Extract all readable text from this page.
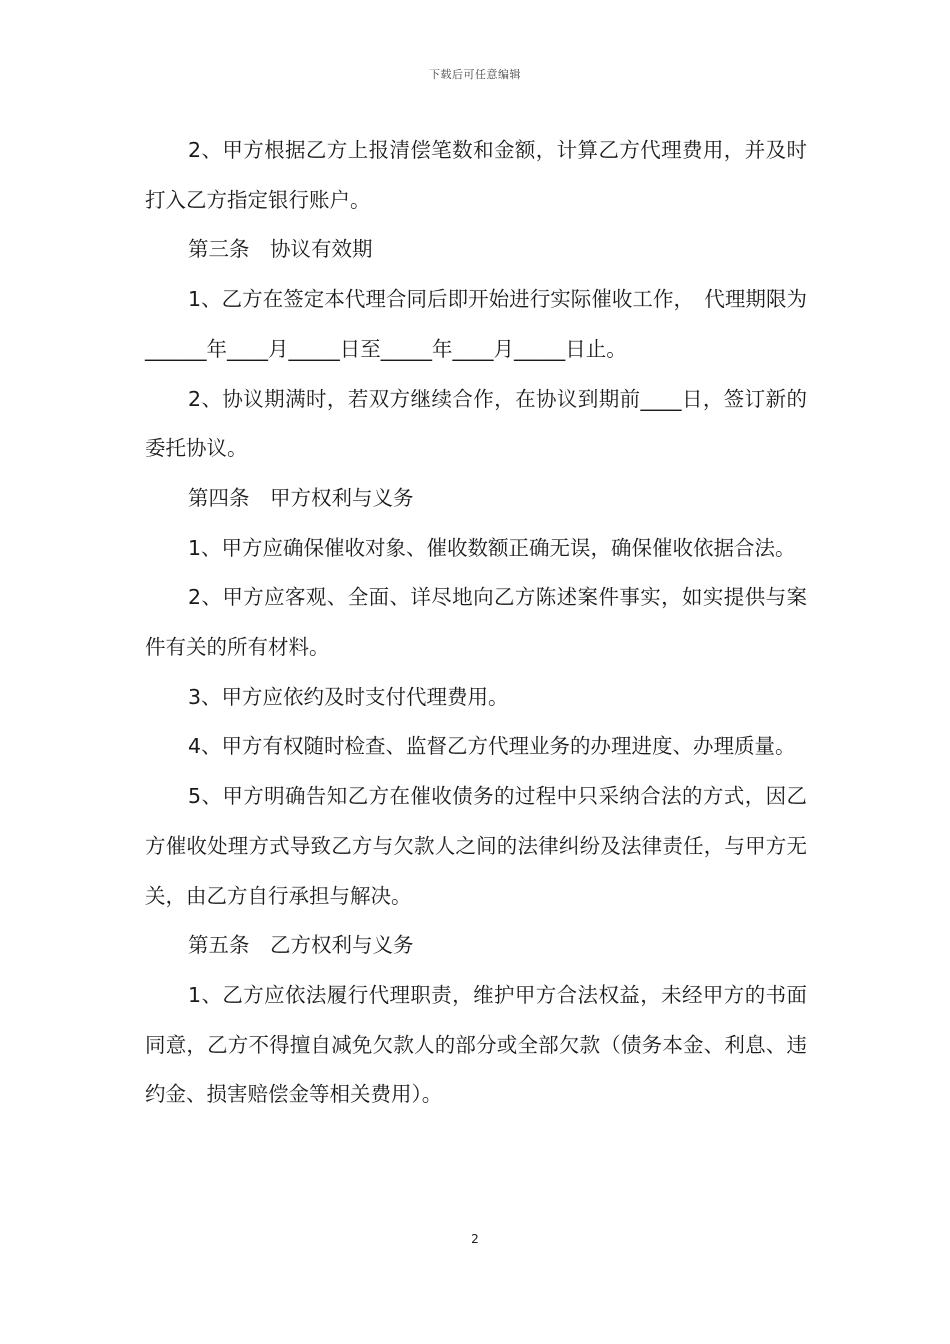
下载后可任意编辑

2、甲方根据乙方上报清偿笔数和金额，计算乙方代理费用，并及时打入乙方指定银行账户。

第三条　协议有效期

1、乙方在签定本代理合同后即开始进行实际催收工作，　代理期限为______年____月_____日至_____年____月_____日止。

2、协议期满时，若双方继续合作，在协议到期前____日，签订新的委托协议。

第四条　甲方权利与义务

1、甲方应确保催收对象、催收数额正确无误，确保催收依据合法。

2、甲方应客观、全面、详尽地向乙方陈述案件事实，如实提供与案件有关的所有材料。

3、甲方应依约及时支付代理费用。

4、甲方有权随时检查、监督乙方代理业务的办理进度、办理质量。

5、甲方明确告知乙方在催收债务的过程中只采纳合法的方式，因乙方催收处理方式导致乙方与欠款人之间的法律纠纷及法律责任，与甲方无关，由乙方自行承担与解决。

第五条　乙方权利与义务

1、乙方应依法履行代理职责，维护甲方合法权益，未经甲方的书面同意，乙方不得擅自减免欠款人的部分或全部欠款（债务本金、利息、违约金、损害赔偿金等相关费用）。

2
